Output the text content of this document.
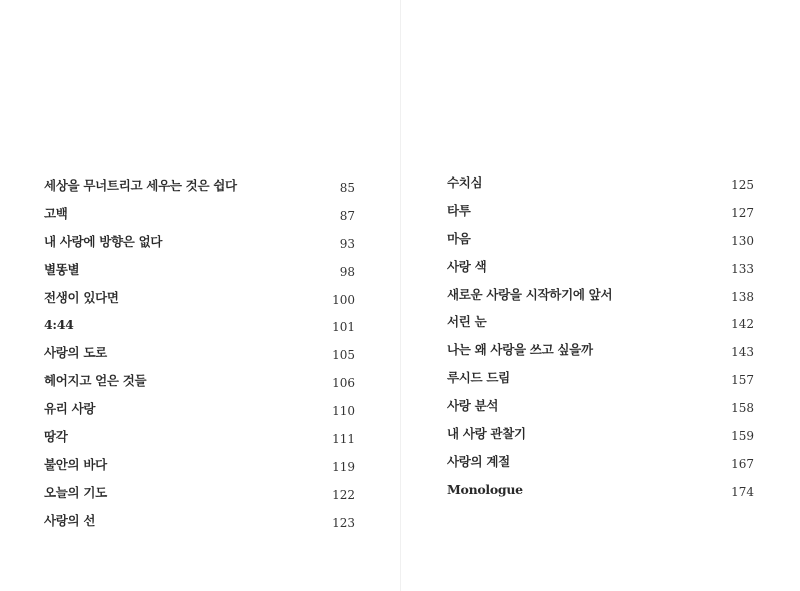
세상을 무너트리고 세우는 것은 쉽다	85
고백	87
내 사랑에 방향은 없다	93
별똥별	98
전생이 있다면	100
4:44	101
사랑의 도로	105
헤어지고 얻은 것들	106
유리 사랑	110
땅각	111
불안의 바다	119
오늘의 기도	122
사랑의 선	123
수치심	125
타투	127
마음	130
사랑 색	133
새로운 사랑을 시작하기에 앞서	138
서린 눈	142
나는 왜 사랑을 쓰고 싶을까	143
루시드 드림	157
사랑 분석	158
내 사랑 관찰기	159
사랑의 계절	167
Monologue	174
